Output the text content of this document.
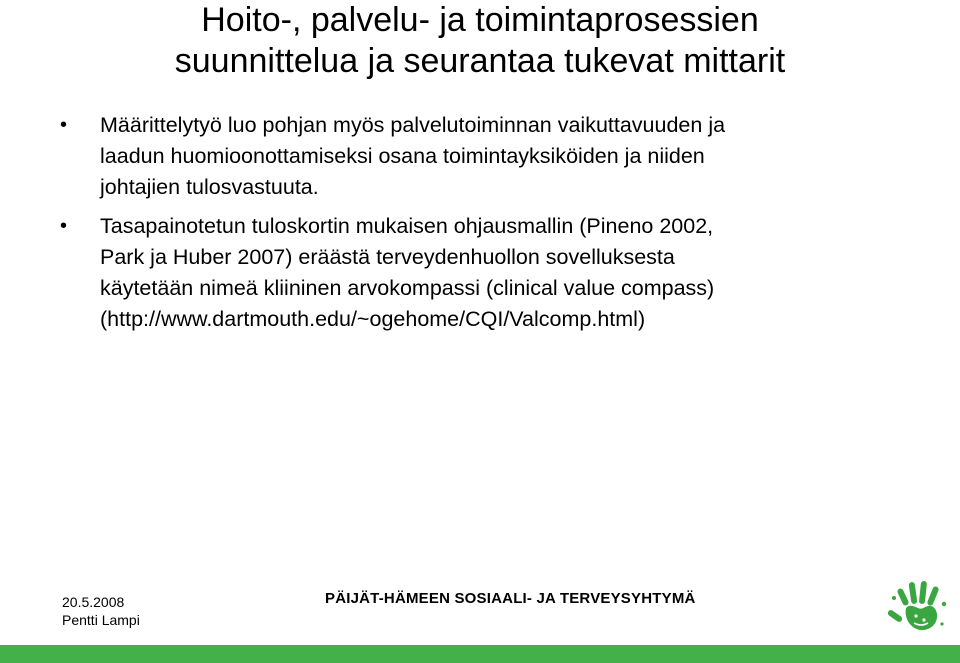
Hoito-, palvelu- ja toimintaprosessien
suunnittelua ja seurantaa tukevat mittarit
• Määrittelytyö luo pohjan myös palvelutoiminnan vaikuttavuuden ja
laadun huomioonottamiseksi osana toimintayksiköiden ja niiden
johtajien tulosvastuuta.
• Tasapainotetun tuloskortin mukaisen ohjausmallin (Pineno 2002,
Park ja Huber 2007) eräästä terveydenhuollon sovelluksesta
käytetään nimeä kliininen arvokompassi (clinical value compass)
(http://www.dartmouth.edu/~ogehome/CQI/Valcomp.html)
20.5.2008
Pentti Lampi
PÄIJÄT-HÄMEEN SOSIAALI- JA TERVEYSYHTYMÄ
